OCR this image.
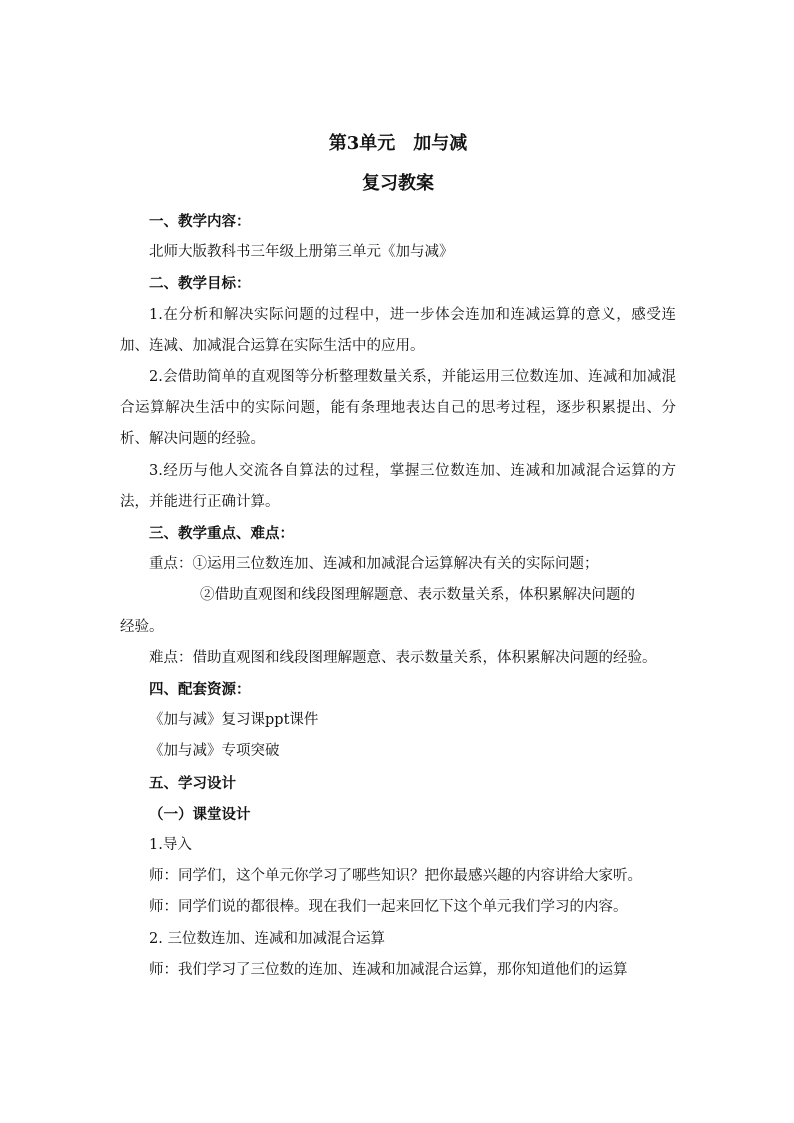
第3单元　加与减

复习教案

一、教学内容：

北师大版教科书三年级上册第三单元《加与减》

二、教学目标：

1.在分析和解决实际问题的过程中，进一步体会连加和连减运算的意义，感受连加、连减、加减混合运算在实际生活中的应用。

2.会借助简单的直观图等分析整理数量关系，并能运用三位数连加、连减和加减混合运算解决生活中的实际问题，能有条理地表达自己的思考过程，逐步积累提出、分析、解决问题的经验。

3.经历与他人交流各自算法的过程，掌握三位数连加、连减和加减混合运算的方法，并能进行正确计算。

三、教学重点、难点：

重点：①运用三位数连加、连减和加减混合运算解决有关的实际问题；

②借助直观图和线段图理解题意、表示数量关系，体积累解决问题的

经验。

难点：借助直观图和线段图理解题意、表示数量关系，体积累解决问题的经验。

四、配套资源：

《加与减》复习课ppt课件

《加与减》专项突破

五、学习设计

（一）课堂设计

1.导入

师：同学们，这个单元你学习了哪些知识？把你最感兴趣的内容讲给大家听。

师：同学们说的都很棒。现在我们一起来回忆下这个单元我们学习的内容。

2. 三位数连加、连减和加减混合运算

师：我们学习了三位数的连加、连减和加减混合运算，那你知道他们的运算
